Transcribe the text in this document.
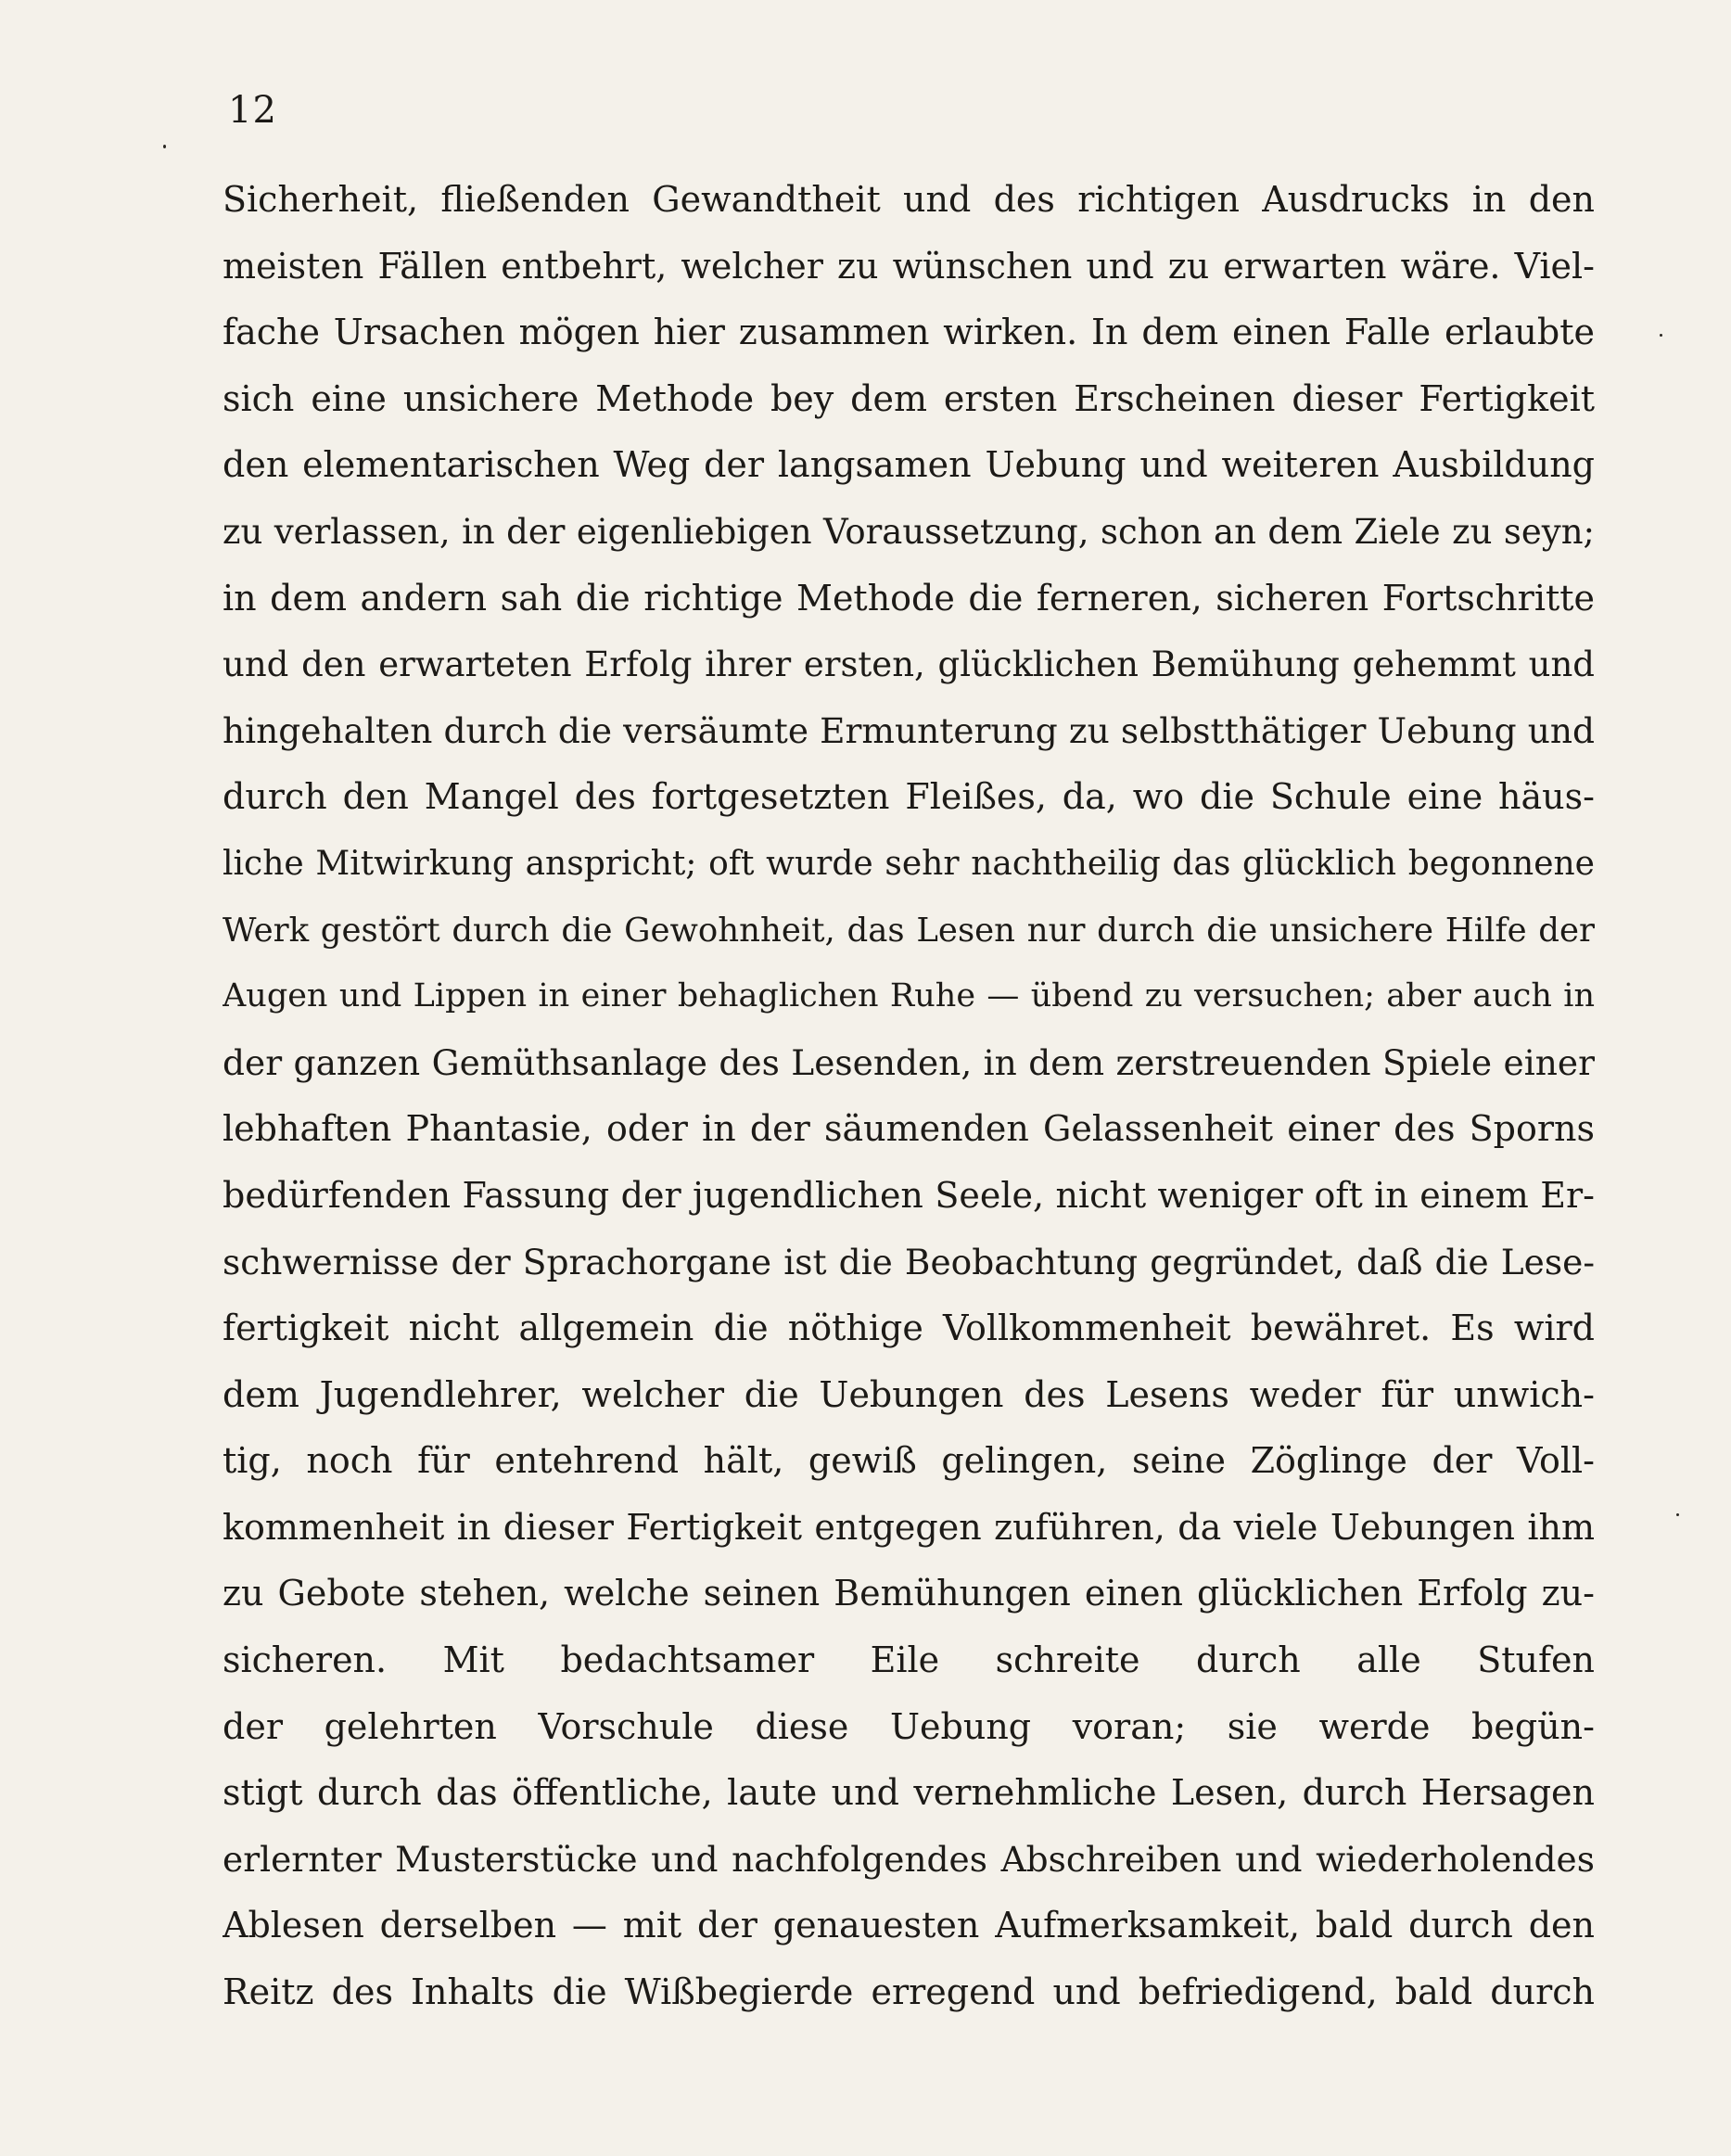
12
Sicherheit, fließenden Gewandtheit und des richtigen Ausdrucks in den
meisten Fällen entbehrt, welcher zu wünschen und zu erwarten wäre. Viel-
fache Ursachen mögen hier zusammen wirken. In dem einen Falle erlaubte
sich eine unsichere Methode bey dem ersten Erscheinen dieser Fertigkeit
den elementarischen Weg der langsamen Uebung und weiteren Ausbildung
zu verlassen, in der eigenliebigen Voraussetzung, schon an dem Ziele zu seyn;
in dem andern sah die richtige Methode die ferneren, sicheren Fortschritte
und den erwarteten Erfolg ihrer ersten, glücklichen Bemühung gehemmt und
hingehalten durch die versäumte Ermunterung zu selbstthätiger Uebung und
durch den Mangel des fortgesetzten Fleißes, da, wo die Schule eine häus-
liche Mitwirkung anspricht; oft wurde sehr nachtheilig das glücklich begonnene
Werk gestört durch die Gewohnheit, das Lesen nur durch die unsichere Hilfe der
Augen und Lippen in einer behaglichen Ruhe — übend zu versuchen; aber auch in
der ganzen Gemüthsanlage des Lesenden, in dem zerstreuenden Spiele einer
lebhaften Phantasie, oder in der säumenden Gelassenheit einer des Sporns
bedürfenden Fassung der jugendlichen Seele, nicht weniger oft in einem Er-
schwernisse der Sprachorgane ist die Beobachtung gegründet, daß die Lese-
fertigkeit nicht allgemein die nöthige Vollkommenheit bewähret. Es wird
dem Jugendlehrer, welcher die Uebungen des Lesens weder für unwich-
tig, noch für entehrend hält, gewiß gelingen, seine Zöglinge der Voll-
kommenheit in dieser Fertigkeit entgegen zuführen, da viele Uebungen ihm
zu Gebote stehen, welche seinen Bemühungen einen glücklichen Erfolg zu-
sicheren. Mit bedachtsamer Eile schreite durch alle Stufen
der gelehrten Vorschule diese Uebung voran; sie werde begün-
stigt durch das öffentliche, laute und vernehmliche Lesen, durch Hersagen
erlernter Musterstücke und nachfolgendes Abschreiben und wiederholendes
Ablesen derselben — mit der genauesten Aufmerksamkeit, bald durch den
Reitz des Inhalts die Wißbegierde erregend und befriedigend, bald durch
